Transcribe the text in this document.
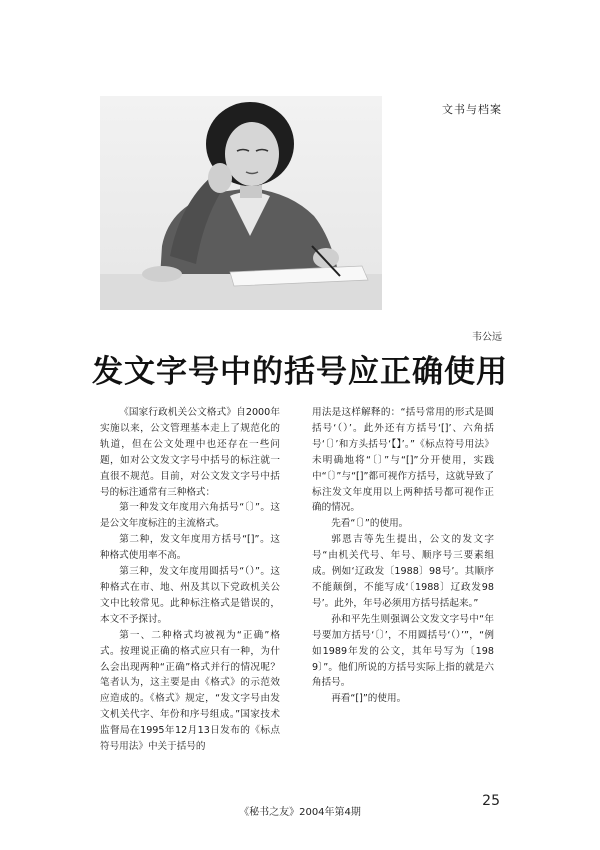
文书与档案
韦公远
发文字号中的括号应正确使用

《国家行政机关公文格式》自2000年实施以来，公文管理基本走上了规范化的轨道，但在公文处理中也还存在一些问题，如对公文发文字号中括号的标注就一直很不规范。目前，对公文发文字号中括号的标注通常有三种格式：

第一种发文年度用六角括号“〔〕”。这是公文年度标注的主流格式。

第二种，发文年度用方括号“[]”。这种格式使用率不高。

第三种，发文年度用圆括号“（）”。这种格式在市、地、州及其以下党政机关公文中比较常见。此种标注格式是错误的，本文不予探讨。

第一、二种格式均被视为“正确”格式。按理说正确的格式应只有一种，为什么会出现两种“正确”格式并行的情况呢？笔者认为，这主要是由《格式》的示范效应造成的。《格式》规定，“发文字号由发文机关代字、年份和序号组成。”国家技术监督局在1995年12月13日发布的《标点符号用法》中关于括号的

用法是这样解释的：“括号常用的形式是圆括号‘（）’。此外还有方括号‘[]’、六角括号‘〔〕’和方头括号‘【】’。”《标点符号用法》未明确地将“〔〕”与“[]”分开使用，实践中“〔〕”与“[]”都可视作方括号，这就导致了标注发文年度用以上两种括号都可视作正确的情况。

先看“〔〕”的使用。

郭恩吉等先生提出，公文的发文字号“由机关代号、年号、顺序号三要素组成。例如‘辽政发〔1988〕98号’。其顺序不能颠倒，不能写成‘〔1988〕辽政发98号’。此外，年号必须用方括号括起来。”

孙和平先生则强调公文发文字号中“年号要加方括号‘〔〕’，不用圆括号‘（）’”，“例如1989年发的公文，其年号写为〔1989〕”。他们所说的方括号实际上指的就是六角括号。

再看“[]”的使用。

《秘书之友》2004年第4期
25
